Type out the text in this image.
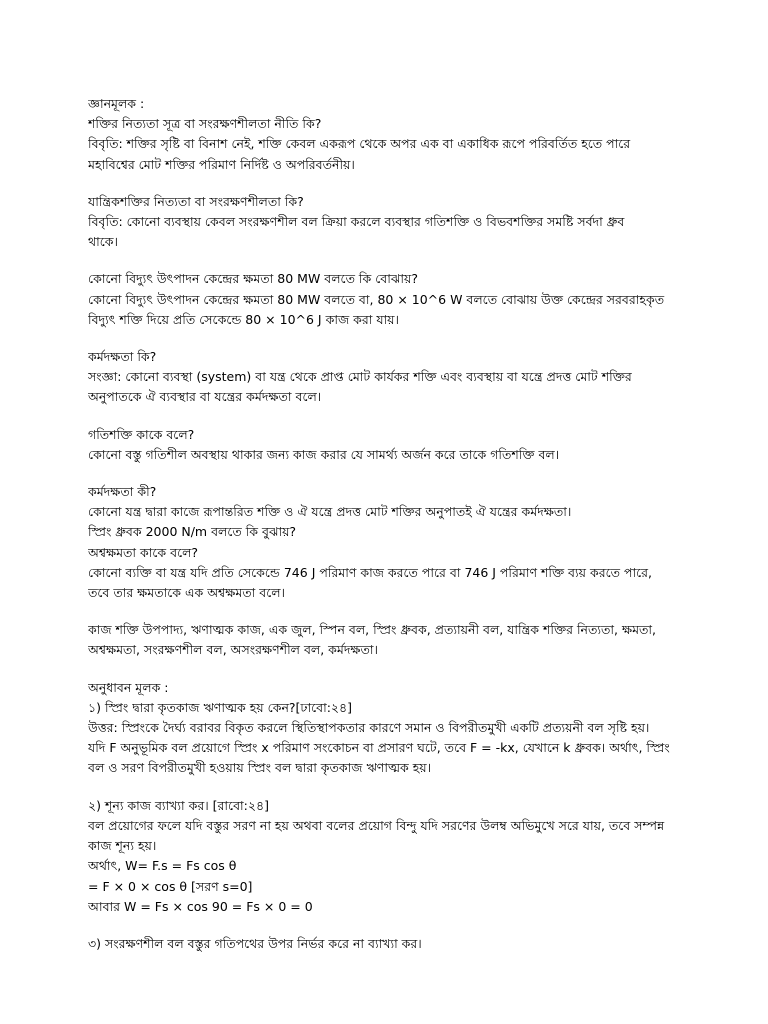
জ্ঞানমূলক :
শক্তির নিত্যতা সূত্র বা সংরক্ষণশীলতা নীতি কি?
বিবৃতি: শক্তির সৃষ্টি বা বিনাশ নেই, শক্তি কেবল একরূপ থেকে অপর এক বা একাধিক রূপে পরিবর্তিত হতে পারে
মহাবিশ্বের মোট শক্তির পরিমাণ নির্দিষ্ট ও অপরিবর্তনীয়।
যান্ত্রিকশক্তির নিত্যতা বা সংরক্ষণশীলতা কি?
বিবৃতি: কোনো ব্যবস্থায় কেবল সংরক্ষণশীল বল ক্রিয়া করলে ব্যবস্থার গতিশক্তি ও বিভবশক্তির সমষ্টি সর্বদা ধ্রুব
থাকে।
কোনো বিদ্যুৎ উৎপাদন কেন্দ্রের ক্ষমতা 80 MW বলতে কি বোঝায়?
কোনো বিদ্যুৎ উৎপাদন কেন্দ্রের ক্ষমতা 80 MW বলতে বা, 80 × 10^6 W বলতে বোঝায় উক্ত কেন্দ্রের সরবরাহকৃত
বিদ্যুৎ শক্তি দিয়ে প্রতি সেকেন্ডে 80 × 10^6 J কাজ করা যায়।
কর্মদক্ষতা কি?
সংজ্ঞা: কোনো ব্যবস্থা (system) বা যন্ত্র থেকে প্রাপ্ত মোট কার্যকর শক্তি এবং ব্যবস্থায় বা যন্ত্রে প্রদত্ত মোট শক্তির
অনুপাতকে ঐ ব্যবস্থার বা যন্ত্রের কর্মদক্ষতা বলে।
গতিশক্তি কাকে বলে?
কোনো বস্তু গতিশীল অবস্থায় থাকার জন্য কাজ করার যে সামর্থ্য অর্জন করে তাকে গতিশক্তি বল।
কর্মদক্ষতা কী?
কোনো যন্ত্র দ্বারা কাজে রূপান্তরিত শক্তি ও ঐ যন্ত্রে প্রদত্ত মোট শক্তির অনুপাতই ঐ যন্ত্রের কর্মদক্ষতা।
স্প্রিং ধ্রুবক 2000 N/m বলতে কি বুঝায়?
অশ্বক্ষমতা কাকে বলে?
কোনো ব্যক্তি বা যন্ত্র যদি প্রতি সেকেন্ডে 746 J পরিমাণ কাজ করতে পারে বা 746 J পরিমাণ শক্তি ব্যয় করতে পারে,
তবে তার ক্ষমতাকে এক অশ্বক্ষমতা বলে।
কাজ শক্তি উপপাদ্য, ঋণাত্মক কাজ, এক জুল, স্পিন বল, স্প্রিং ধ্রুবক, প্রত্যায়নী বল, যান্ত্রিক শক্তির নিত্যতা, ক্ষমতা,
অশ্বক্ষমতা, সংরক্ষণশীল বল, অসংরক্ষণশীল বল, কর্মদক্ষতা।
অনুধাবন মূলক :
১) স্প্রিং দ্বারা কৃতকাজ ঋণাত্মক হয় কেন?[ঢাবো:২৪]
উত্তর: স্প্রিংকে দৈর্ঘ্য বরাবর বিকৃত করলে স্থিতিস্থাপকতার কারণে সমান ও বিপরীতমুখী একটি প্রত্যয়নী বল সৃষ্টি হয়।
যদি F অনুভূমিক বল প্রয়োগে স্প্রিং x পরিমাণ সংকোচন বা প্রসারণ ঘটে, তবে F = -kx, যেখানে k ধ্রুবক। অর্থাৎ, স্প্রিং
বল ও সরণ বিপরীতমুখী হওয়ায় স্প্রিং বল দ্বারা কৃতকাজ ঋণাত্মক হয়।
২) শূন্য কাজ ব্যাখ্যা কর। [রাবো:২৪]
বল প্রয়োগের ফলে যদি বস্তুর সরণ না হয় অথবা বলের প্রয়োগ বিন্দু যদি সরণের উলম্ব অভিমুখে সরে যায়, তবে সম্পন্ন
কাজ শূন্য হয়।
অর্থাৎ, W= F.s = Fs cos θ
= F × 0 × cos θ [সরণ s=0]
আবার W = Fs × cos 90 = Fs × 0 = 0
৩) সংরক্ষণশীল বল বস্তুর গতিপথের উপর নির্ভর করে না ব্যাখ্যা কর।
